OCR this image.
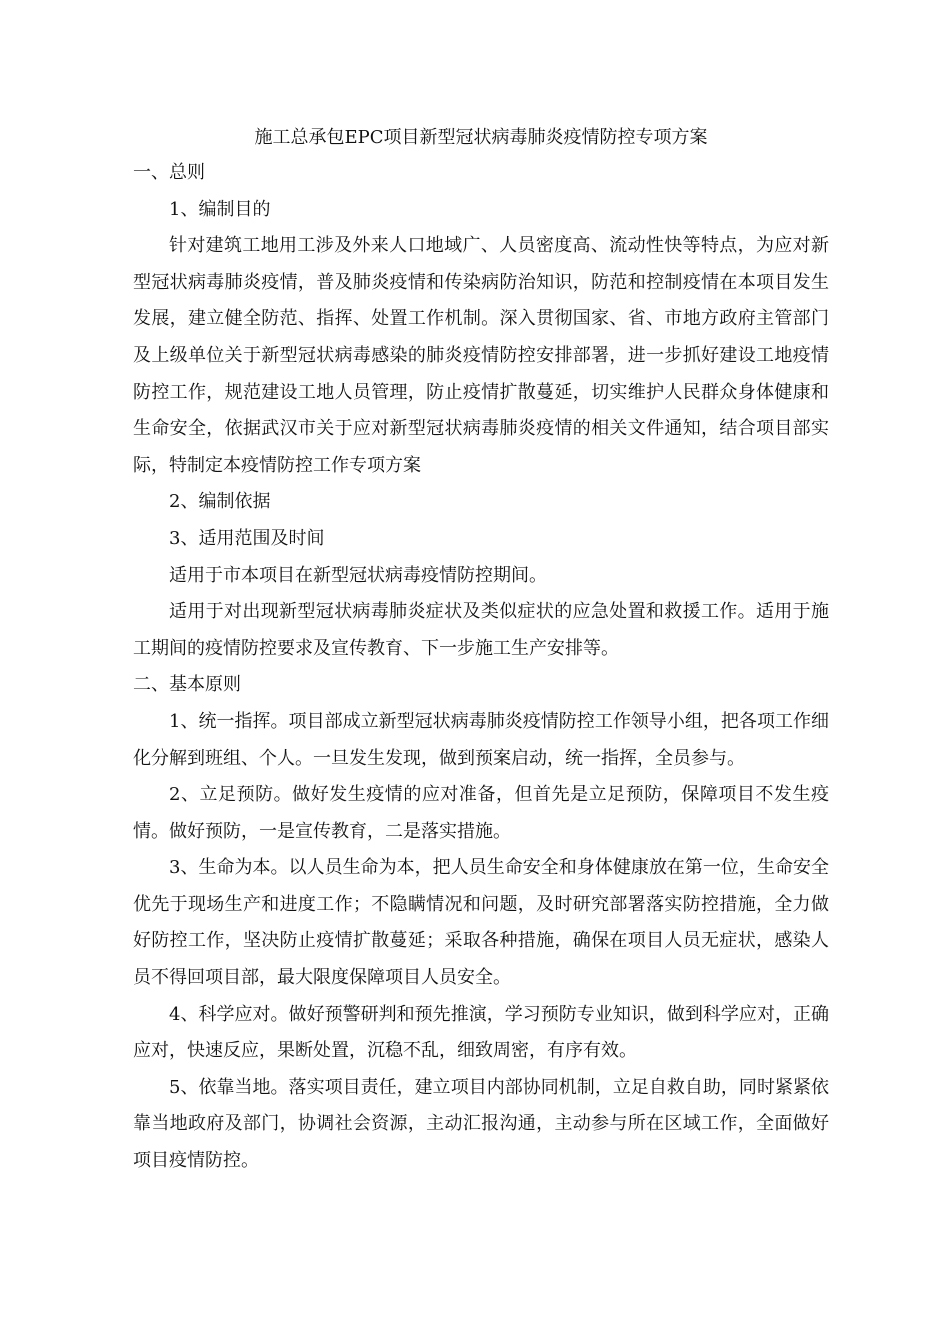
施工总承包EPC项目新型冠状病毒肺炎疫情防控专项方案

一、总则

1、编制目的

针对建筑工地用工涉及外来人口地域广、人员密度高、流动性快等特点，为应对新型冠状病毒肺炎疫情，普及肺炎疫情和传染病防治知识，防范和控制疫情在本项目发生发展，建立健全防范、指挥、处置工作机制。深入贯彻国家、省、市地方政府主管部门及上级单位关于新型冠状病毒感染的肺炎疫情防控安排部署，进一步抓好建设工地疫情防控工作，规范建设工地人员管理，防止疫情扩散蔓延，切实维护人民群众身体健康和生命安全，依据武汉市关于应对新型冠状病毒肺炎疫情的相关文件通知，结合项目部实际，特制定本疫情防控工作专项方案

2、编制依据

3、适用范围及时间

适用于市本项目在新型冠状病毒疫情防控期间。

适用于对出现新型冠状病毒肺炎症状及类似症状的应急处置和救援工作。适用于施工期间的疫情防控要求及宣传教育、下一步施工生产安排等。

二、基本原则

1、统一指挥。项目部成立新型冠状病毒肺炎疫情防控工作领导小组，把各项工作细化分解到班组、个人。一旦发生发现，做到预案启动，统一指挥，全员参与。

2、立足预防。做好发生疫情的应对准备，但首先是立足预防，保障项目不发生疫情。做好预防，一是宣传教育，二是落实措施。

3、生命为本。以人员生命为本，把人员生命安全和身体健康放在第一位，生命安全优先于现场生产和进度工作；不隐瞒情况和问题，及时研究部署落实防控措施，全力做好防控工作，坚决防止疫情扩散蔓延；采取各种措施，确保在项目人员无症状，感染人员不得回项目部，最大限度保障项目人员安全。

4、科学应对。做好预警研判和预先推演，学习预防专业知识，做到科学应对，正确应对，快速反应，果断处置，沉稳不乱，细致周密，有序有效。

5、依靠当地。落实项目责任，建立项目内部协同机制，立足自救自助，同时紧紧依靠当地政府及部门，协调社会资源，主动汇报沟通，主动参与所在区域工作，全面做好项目疫情防控。
